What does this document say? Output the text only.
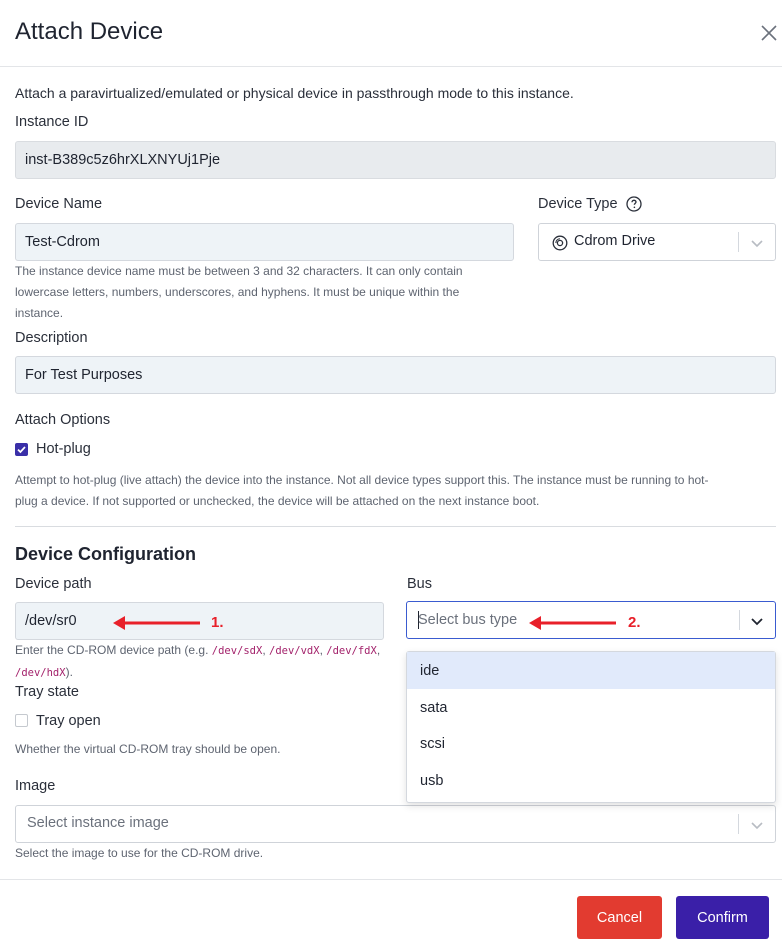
Attach Device
Attach a paravirtualized/emulated or physical device in passthrough mode to this instance.
Instance ID
inst-B389c5z6hrXLXNYUj1Pje
Device Name
Test-Cdrom
The instance device name must be between 3 and 32 characters. It can only contain
lowercase letters, numbers, underscores, and hyphens. It must be unique within the
instance.
Device Type
Cdrom Drive
Description
For Test Purposes
Attach Options
Hot-plug
Attempt to hot-plug (live attach) the device into the instance. Not all device types support this. The instance must be running to hot-
plug a device. If not supported or unchecked, the device will be attached on the next instance boot.
Device Configuration
Device path
/dev/sr0
Enter the CD-ROM device path (e.g. /dev/sdX, /dev/vdX, /dev/fdX,
/dev/hdX).
Bus
Select bus type
Tray state
Tray open
Whether the virtual CD-ROM tray should be open.
Image
Select instance image
Select the image to use for the CD-ROM drive.
ide
sata
scsi
usb
1.	2.
Cancel	Confirm
